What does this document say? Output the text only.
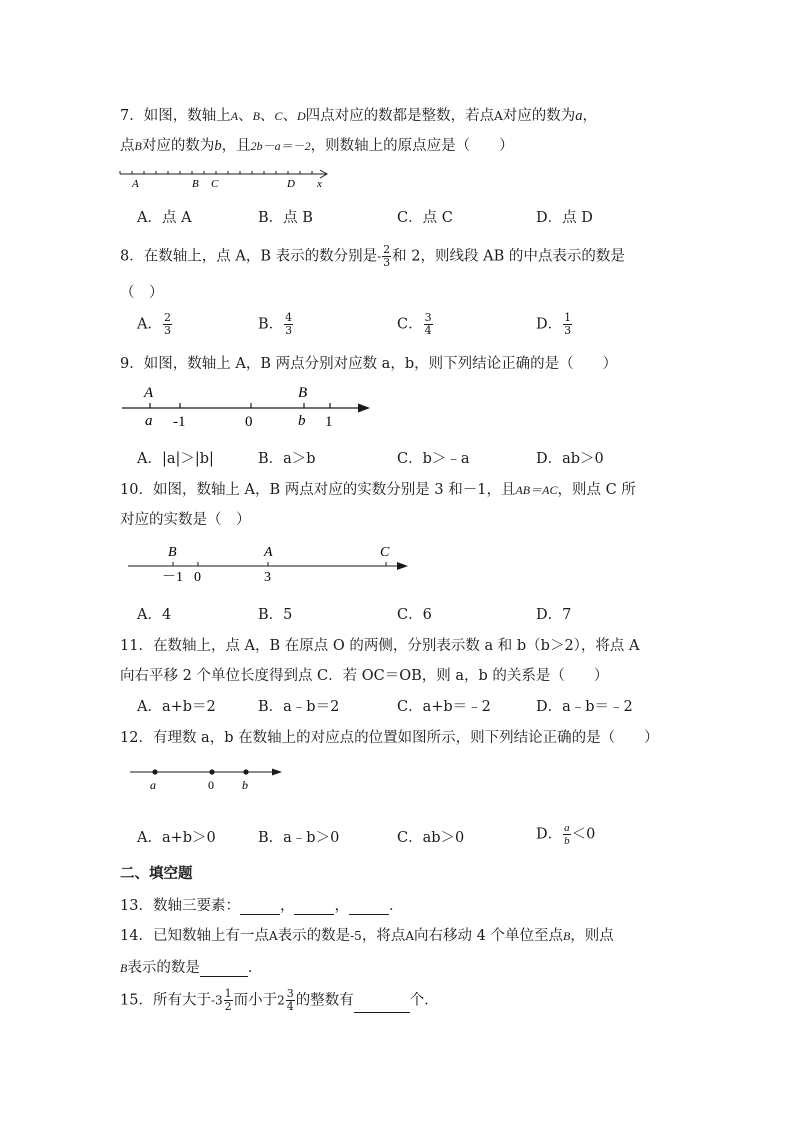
7．如图，数轴上A、B、C、D四点对应的数都是整数，若点A对应的数为a，
点B对应的数为b，且2b－a＝－2，则数轴上的原点应是（　　）
A	B C	D x
A．点 A	B．点 B	C．点 C	D．点 D
8．在数轴上，点 A，B 表示的数分别是- $\frac{2}{3}$ 和 2，则线段 AB 的中点表示的数是
（　）
A． $\frac{2}{3}$	B． $\frac{4}{3}$	C． $\frac{3}{4}$	D． $\frac{1}{3}$
9．如图，数轴上 A，B 两点分别对应数 a，b，则下列结论正确的是（　　）
A	B
a -1	0	b 1
A．|a|＞|b|	B．a＞b	C．b＞﹣a	D．ab＞0
10．如图，数轴上 A，B 两点对应的实数分别是 3 和－1，且AB＝AC，则点 C 所
对应的实数是（　）
B	A	C
－1 0	3
A．4	B．5	C．6	D．7
11．在数轴上，点 A，B 在原点 O 的两侧，分别表示数 a 和 b（b＞2），将点 A
向右平移 2 个单位长度得到点 C．若 OC＝OB，则 a，b 的关系是（　　）
A．a+b＝2	B．a﹣b＝2	C．a+b＝﹣2	D．a﹣b＝﹣2
12．有理数 a，b 在数轴上的对应点的位置如图所示，则下列结论正确的是（　　）
a	0 b
A．a+b＞0	B．a﹣b＞0	C．ab＞0	D． $\frac{a}{b} <0$
二、填空题
13．数轴三要素：	，	，	．
14．已知数轴上有一点A表示的数是-5，将点A向右移动 4 个单位至点B，则点
B表示的数是	．
15．所有大于$-3 \frac{1}{2}$ 而小于$2 \frac{3}{4}$ 的整数有	个．
